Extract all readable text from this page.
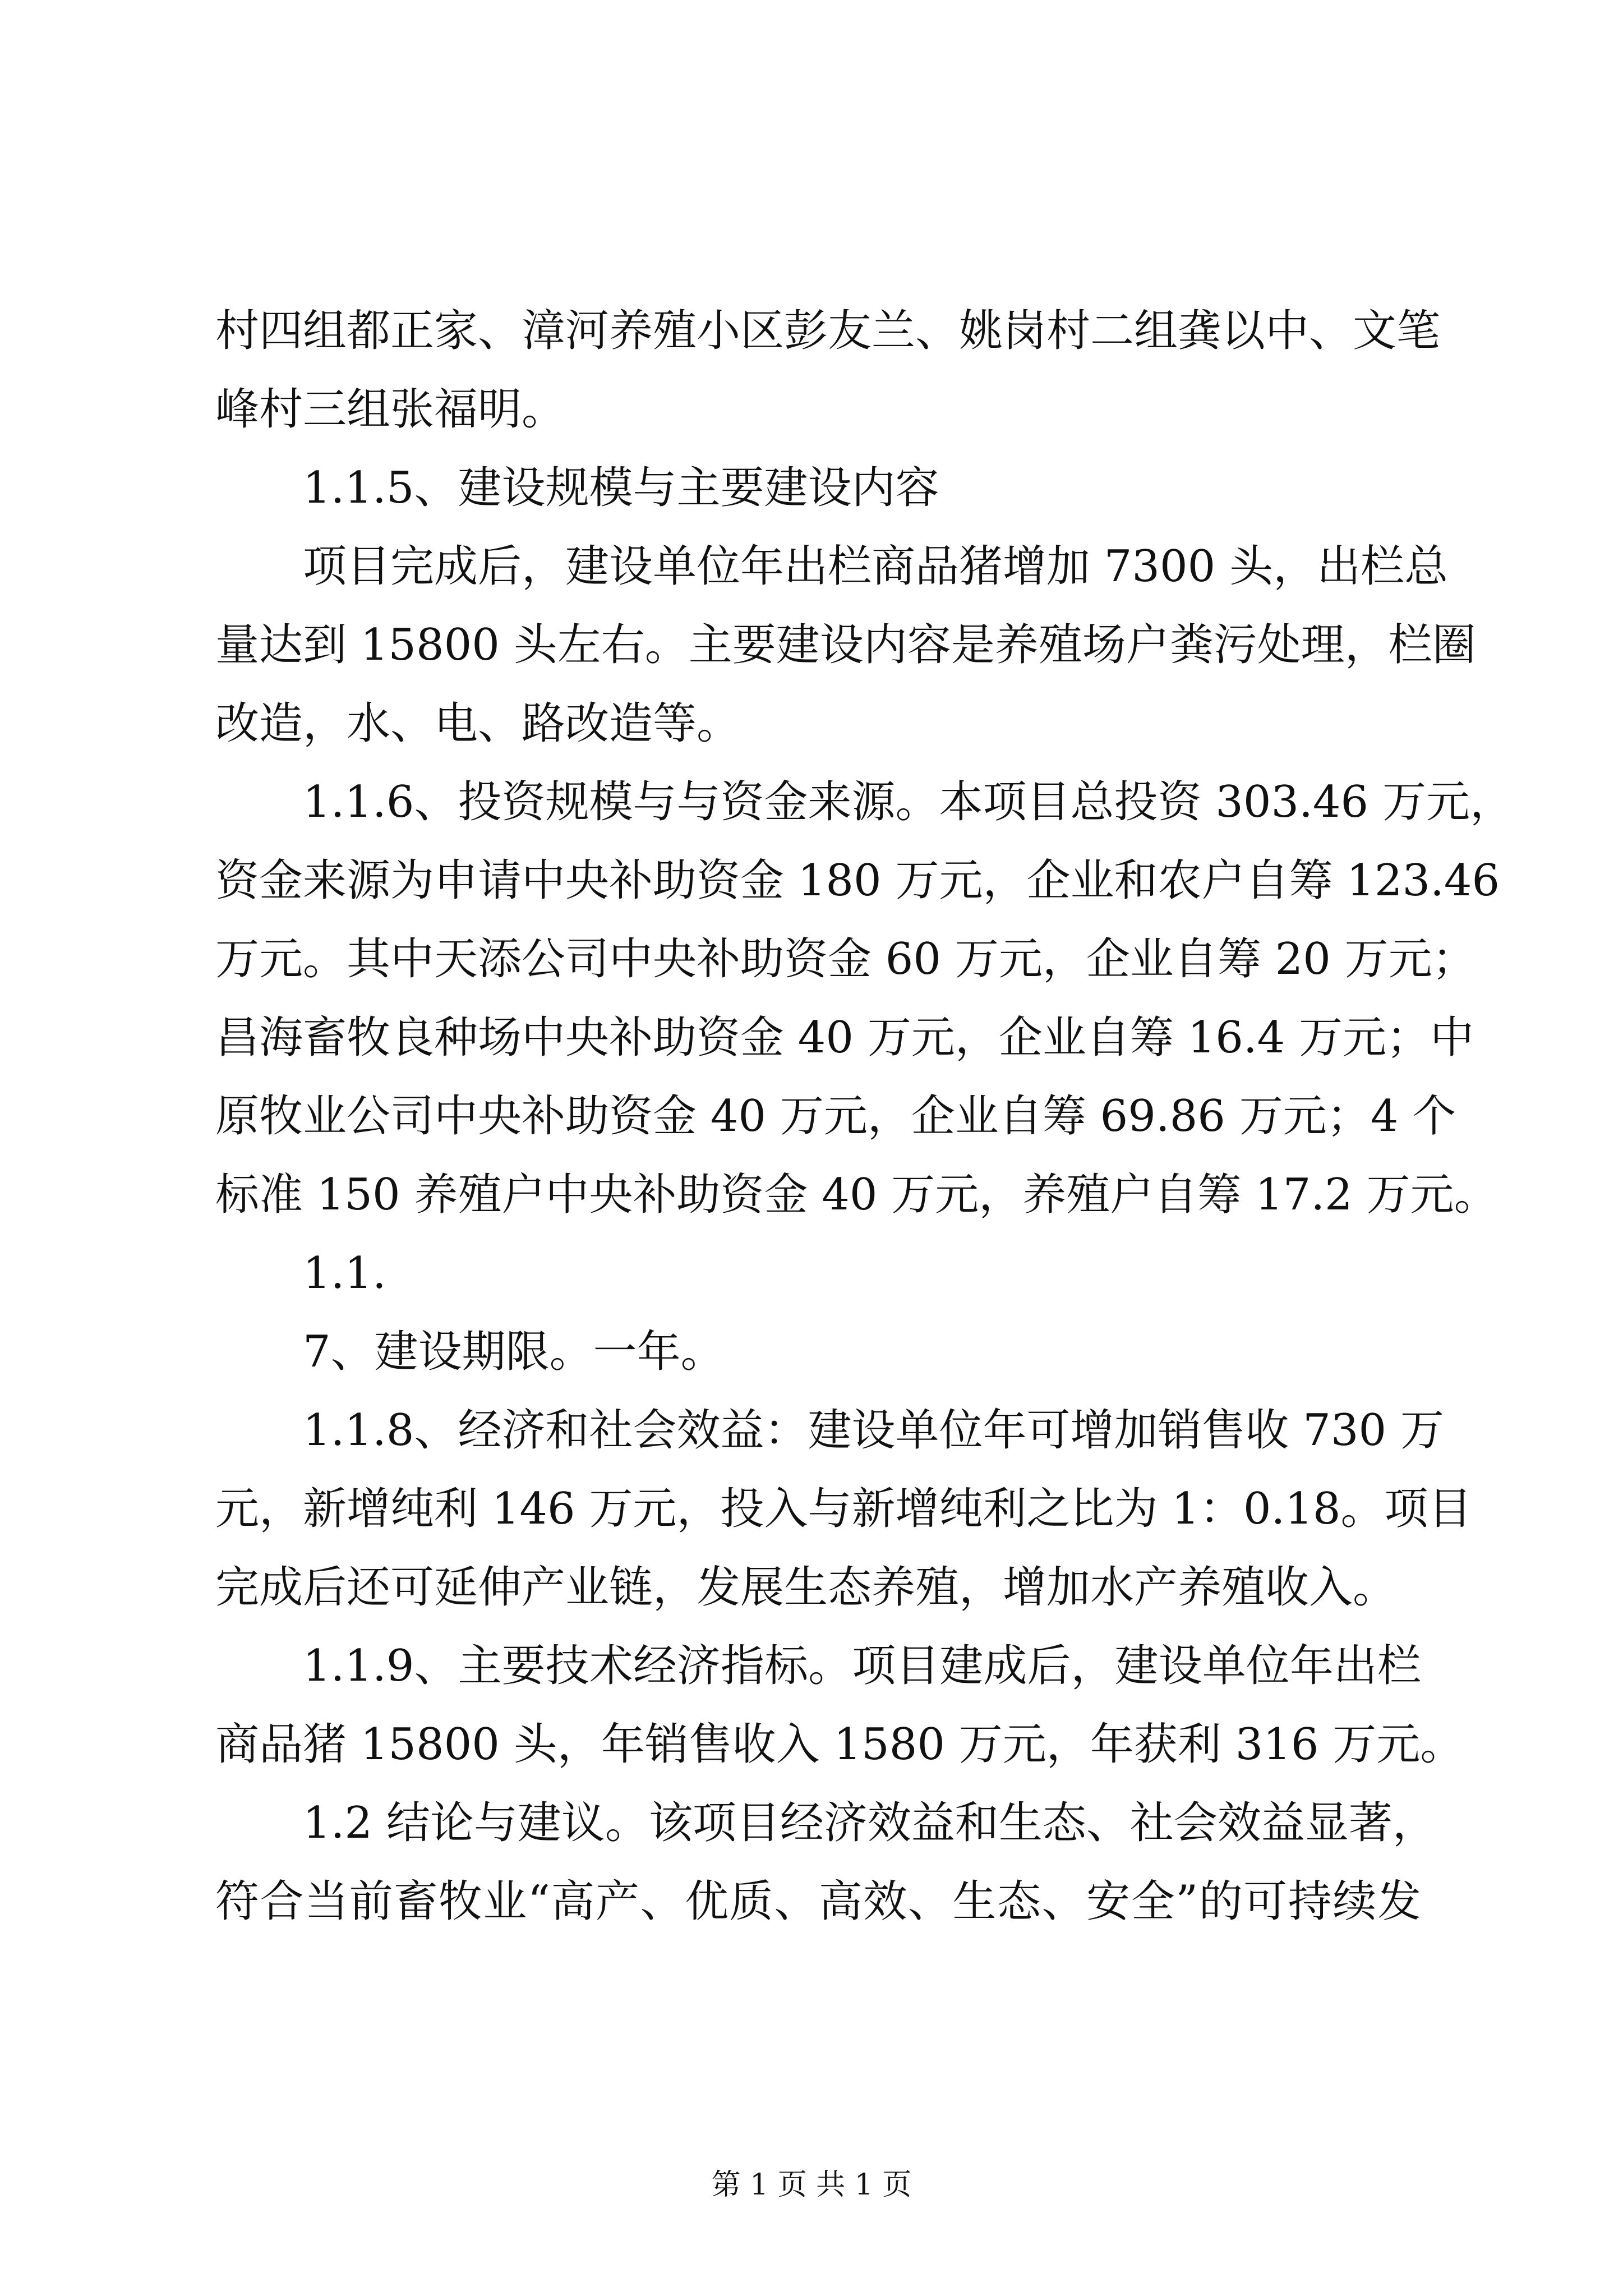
村四组都正家、漳河养殖小区彭友兰、姚岗村二组龚以中、文笔
峰村三组张福明。
1.1.5、建设规模与主要建设内容
项目完成后，建设单位年出栏商品猪增加 7300 头，出栏总
量达到 15800 头左右。主要建设内容是养殖场户粪污处理，栏圈
改造，水、电、路改造等。
1.1.6、投资规模与与资金来源。本项目总投资 303.46 万元，
资金来源为申请中央补助资金 180 万元，企业和农户自筹 123.46
万元。其中天添公司中央补助资金 60 万元，企业自筹 20 万元；
昌海畜牧良种场中央补助资金 40 万元，企业自筹 16.4 万元；中
原牧业公司中央补助资金 40 万元，企业自筹 69.86 万元；4 个
标准 150 养殖户中央补助资金 40 万元，养殖户自筹 17.2 万元。
1.1.
7、建设期限。一年。
1.1.8、经济和社会效益：建设单位年可增加销售收 730 万
元，新增纯利 146 万元，投入与新增纯利之比为 1：0.18。项目
完成后还可延伸产业链，发展生态养殖，增加水产养殖收入。
1.1.9、主要技术经济指标。项目建成后，建设单位年出栏
商品猪 15800 头，年销售收入 1580 万元，年获利 316 万元。
1.2 结论与建议。该项目经济效益和生态、社会效益显著，
符合当前畜牧业“高产、优质、高效、生态、安全”的可持续发
第 1 页 共 1 页
